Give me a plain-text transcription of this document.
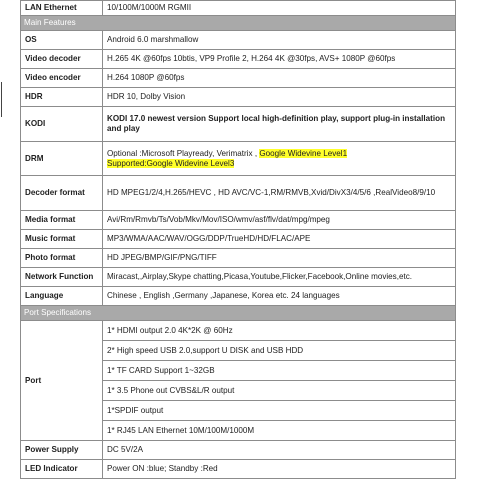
LAN Ethernet	10/100M/1000M RGMII
Main Features	
OS	Android 6.0 marshmallow
Video decoder	H.265 4K @60fps 10btis, VP9 Profile 2, H.264 4K @30fps, AVS+ 1080P @60fps
Video encoder	H.264 1080P @60fps
HDR	HDR 10, Dolby Vision
KODI	KODI 17.0 newest version Support local high-definition play, support plug-in installation and play
DRM	Optional :Microsoft Playready, Verimatrix , Google Widevine Level1
Supported:Google Widevine Level3
Decoder format	HD MPEG1/2/4,H.265/HEVC , HD AVC/VC-1,RM/RMVB,Xvid/DivX3/4/5/6 ,RealVideo8/9/10
Media format	Avi/Rm/Rmvb/Ts/Vob/Mkv/Mov/ISO/wmv/asf/flv/dat/mpg/mpeg
Music format	MP3/WMA/AAC/WAV/OGG/DDP/TrueHD/HD/FLAC/APE
Photo format	HD JPEG/BMP/GIF/PNG/TIFF
Network Function	Miracast,,Airplay,Skype chatting,Picasa,Youtube,Flicker,Facebook,Online movies,etc.
Language	Chinese , English ,Germany ,Japanese, Korea etc. 24 languages
Port Specifications	
Port	1* HDMI output 2.0 4K*2K @ 60Hz
	2* High speed USB 2.0,support U DISK and USB HDD
	1* TF CARD Support 1~32GB
	1* 3.5 Phone out CVBS&L/R output
	1*SPDIF output
	1* RJ45 LAN Ethernet 10M/100M/1000M
Power Supply	DC 5V/2A
LED Indicator	Power ON :blue; Standby :Red
